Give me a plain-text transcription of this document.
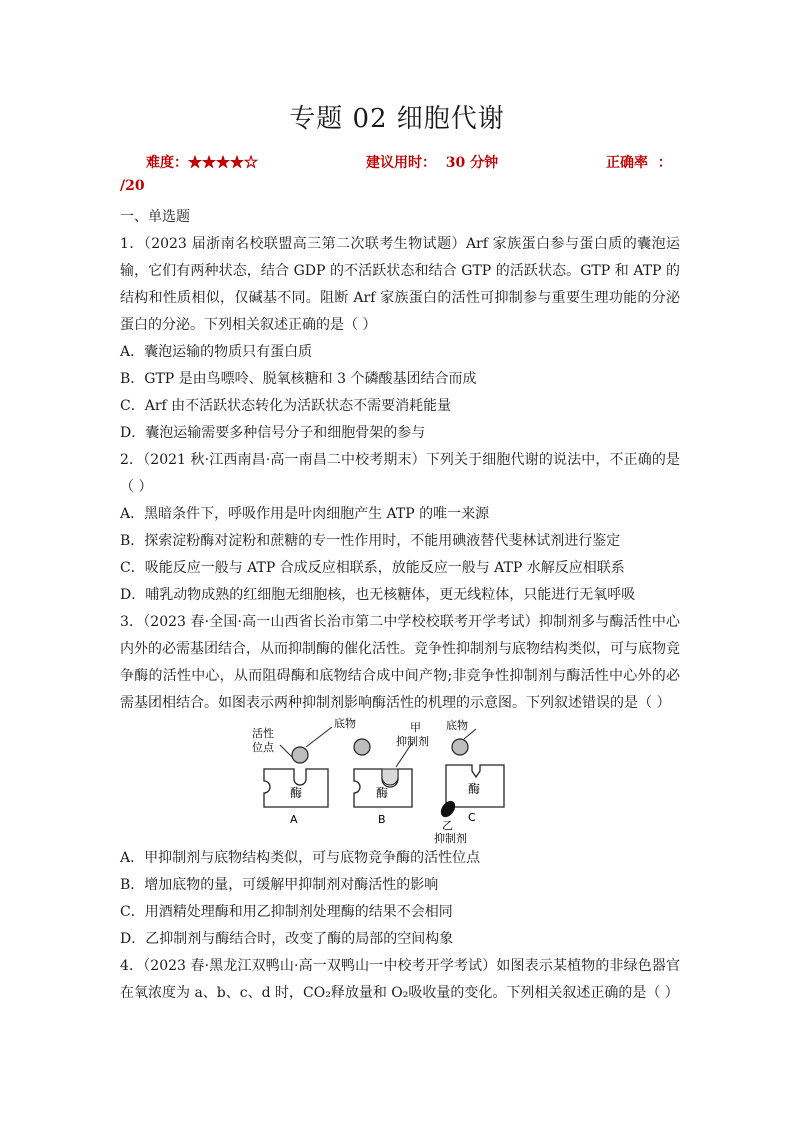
专题 02 细胞代谢
难度：★★★★☆	建议用时： 30 分钟	正确率 ：
/20

一、单选题

1．（2023 届浙南名校联盟高三第二次联考生物试题）Arf 家族蛋白参与蛋白质的囊泡运输，它们有两种状态，结合 GDP 的不活跃状态和结合 GTP 的活跃状态。GTP 和 ATP 的结构和性质相似，仅碱基不同。阻断 Arf 家族蛋白的活性可抑制参与重要生理功能的分泌蛋白的分泌。下列相关叙述正确的是（ ）

A．囊泡运输的物质只有蛋白质

B．GTP 是由鸟嘌呤、脱氧核糖和 3 个磷酸基团结合而成

C．Arf 由不活跃状态转化为活跃状态不需要消耗能量

D．囊泡运输需要多种信号分子和细胞骨架的参与

2．（2021 秋·江西南昌·高一南昌二中校考期末）下列关于细胞代谢的说法中，不正确的是（ ）

A．黑暗条件下，呼吸作用是叶肉细胞产生 ATP 的唯一来源

B．探索淀粉酶对淀粉和蔗糖的专一性作用时，不能用碘液替代斐林试剂进行鉴定

C．吸能反应一般与 ATP 合成反应相联系，放能反应一般与 ATP 水解反应相联系

D．哺乳动物成熟的红细胞无细胞核，也无核糖体，更无线粒体，只能进行无氧呼吸

3．（2023 春·全国·高一山西省长治市第二中学校校联考开学考试）抑制剂多与酶活性中心内外的必需基团结合，从而抑制酶的催化活性。竞争性抑制剂与底物结构类似，可与底物竞争酶的活性中心，从而阻碍酶和底物结合成中间产物;非竞争性抑制剂与酶活性中心外的必需基团相结合。如图表示两种抑制剂影响酶活性的机理的示意图。下列叙述错误的是（ ）

活性
位点
底物
酶
A
甲
抑制剂
酶
B
底物
酶
C
乙
抑制剂

A．甲抑制剂与底物结构类似，可与底物竞争酶的活性位点

B．增加底物的量，可缓解甲抑制剂对酶活性的影响

C．用酒精处理酶和用乙抑制剂处理酶的结果不会相同

D．乙抑制剂与酶结合时，改变了酶的局部的空间构象

4．（2023 春·黑龙江双鸭山·高一双鸭山一中校考开学考试）如图表示某植物的非绿色器官在氧浓度为 a、b、c、d 时，CO₂释放量和 O₂吸收量的变化。下列相关叙述正确的是（ ）
